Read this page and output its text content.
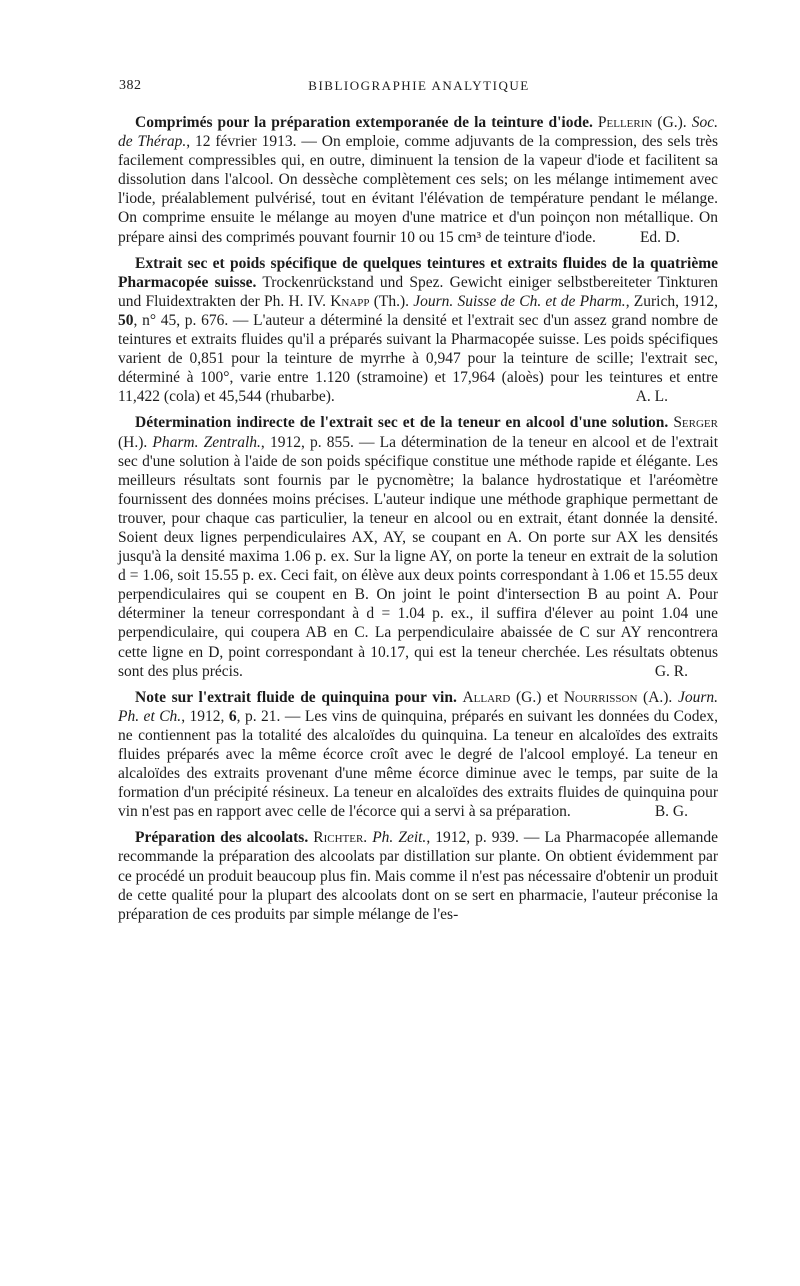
382	BIBLIOGRAPHIE ANALYTIQUE

Comprimés pour la préparation extemporanée de la teinture d'iode. Pellerin (G.). Soc. de Thérap., 12 février 1913. — On emploie, comme adjuvants de la compression, des sels très facilement compressibles qui, en outre, diminuent la tension de la vapeur d'iode et facilitent sa dissolution dans l'alcool. On dessèche complètement ces sels; on les mélange intimement avec l'iode, préalablement pulvérisé, tout en évitant l'élévation de température pendant le mélange. On comprime ensuite le mélange au moyen d'une matrice et d'un poinçon non métallique. On prépare ainsi des comprimés pouvant fournir 10 ou 15 cm³ de teinture d'iode.	Ed. D.

Extrait sec et poids spécifique de quelques teintures et extraits fluides de la quatrième Pharmacopée suisse. Trockenrückstand und Spez. Gewicht einiger selbstbereiteter Tinkturen und Fluidextrakten der Ph. H. IV. Knapp (Th.). Journ. Suisse de Ch. et de Pharm., Zurich, 1912, 50, n° 45, p. 676. — L'auteur a déterminé la densité et l'extrait sec d'un assez grand nombre de teintures et extraits fluides qu'il a préparés suivant la Pharmacopée suisse. Les poids spécifiques varient de 0,851 pour la teinture de myrrhe à 0,947 pour la teinture de scille; l'extrait sec, déterminé à 100°, varie entre 1.120 (stramoine) et 17,964 (aloès) pour les teintures et entre 11,422 (cola) et 45,544 (rhubarbe).	A. L.

Détermination indirecte de l'extrait sec et de la teneur en alcool d'une solution. Serger (H.). Pharm. Zentralh., 1912, p. 855. — La détermination de la teneur en alcool et de l'extrait sec d'une solution à l'aide de son poids spécifique constitue une méthode rapide et élégante. Les meilleurs résultats sont fournis par le pycnomètre; la balance hydrostatique et l'aréomètre fournissent des données moins précises. L'auteur indique une méthode graphique permettant de trouver, pour chaque cas particulier, la teneur en alcool ou en extrait, étant donnée la densité. Soient deux lignes perpendiculaires AX, AY, se coupant en A. On porte sur AX les densités jusqu'à la densité maxima 1.06 p. ex. Sur la ligne AY, on porte la teneur en extrait de la solution d = 1.06, soit 15.55 p. ex. Ceci fait, on élève aux deux points correspondant à 1.06 et 15.55 deux perpendiculaires qui se coupent en B. On joint le point d'intersection B au point A. Pour déterminer la teneur correspondant à d = 1.04 p. ex., il suffira d'élever au point 1.04 une perpendiculaire, qui coupera AB en C. La perpendiculaire abaissée de C sur AY rencontrera cette ligne en D, point correspondant à 10.17, qui est la teneur cherchée. Les résultats obtenus sont des plus précis.	G. R.

Note sur l'extrait fluide de quinquina pour vin. Allard (G.) et Nourrisson (A.). Journ. Ph. et Ch., 1912, 6, p. 21. — Les vins de quinquina, préparés en suivant les données du Codex, ne contiennent pas la totalité des alcaloïdes du quinquina. La teneur en alcaloïdes des extraits fluides préparés avec la même écorce croît avec le degré de l'alcool employé. La teneur en alcaloïdes des extraits provenant d'une même écorce diminue avec le temps, par suite de la formation d'un précipité résineux. La teneur en alcaloïdes des extraits fluides de quinquina pour vin n'est pas en rapport avec celle de l'écorce qui a servi à sa préparation.	B. G.

Préparation des alcoolats. Richter. Ph. Zeit., 1912, p. 939. — La Pharmacopée allemande recommande la préparation des alcoolats par distillation sur plante. On obtient évidemment par ce procédé un produit beaucoup plus fin. Mais comme il n'est pas nécessaire d'obtenir un produit de cette qualité pour la plupart des alcoolats dont on se sert en pharmacie, l'auteur préconise la préparation de ces produits par simple mélange de l'es-
